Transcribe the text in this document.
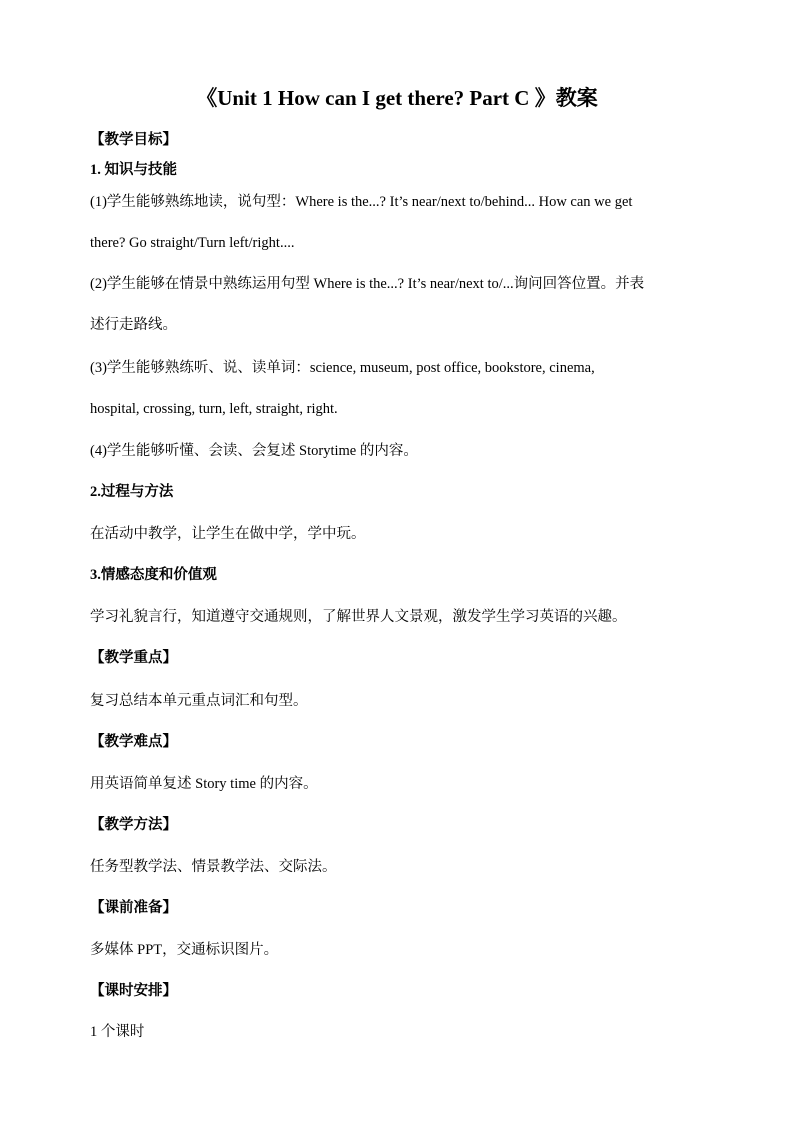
《Unit 1 How can I get there? Part C 》教案
【教学目标】
1. 知识与技能
(1)学生能够熟练地读，说句型：Where is the...? It’s near/next to/behind... How can we get
there? Go straight/Turn left/right....
(2)学生能够在情景中熟练运用句型 Where is the...? It’s near/next to/...询问回答位置。并表
述行走路线。
(3)学生能够熟练听、说、读单词：science, museum, post office, bookstore, cinema,
hospital, crossing, turn, left, straight, right.
(4)学生能够听懂、会读、会复述 Storytime 的内容。
2.过程与方法
在活动中教学，让学生在做中学，学中玩。
3.情感态度和价值观
学习礼貌言行，知道遵守交通规则，了解世界人文景观，激发学生学习英语的兴趣。
【教学重点】
复习总结本单元重点词汇和句型。
【教学难点】
用英语简单复述 Story time 的内容。
【教学方法】
任务型教学法、情景教学法、交际法。
【课前准备】
多媒体 PPT，交通标识图片。
【课时安排】
1 个课时
